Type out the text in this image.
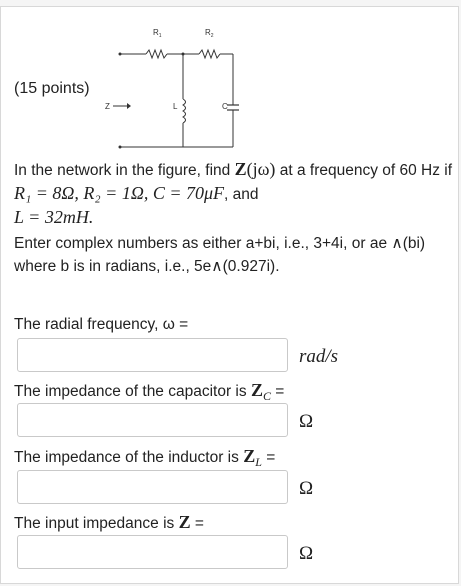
(15 points)
$R_1$	$R_2$
Z	L	C

In the network in the figure, find Z(jω) at a frequency of 60 Hz if R₁ = 8Ω, R₂ = 1Ω, C = 70μF, and
L = 32mH.

Enter complex numbers as either a+bi, i.e., 3+4i, or ae ∧(bi) where b is in radians, i.e., 5e∧(0.927i).

The radial frequency, ω =
rad/s
The impedance of the capacitor is $Z_C$ =
Ω
The impedance of the inductor is $Z_L$ =
Ω
The input impedance is Z =
Ω
